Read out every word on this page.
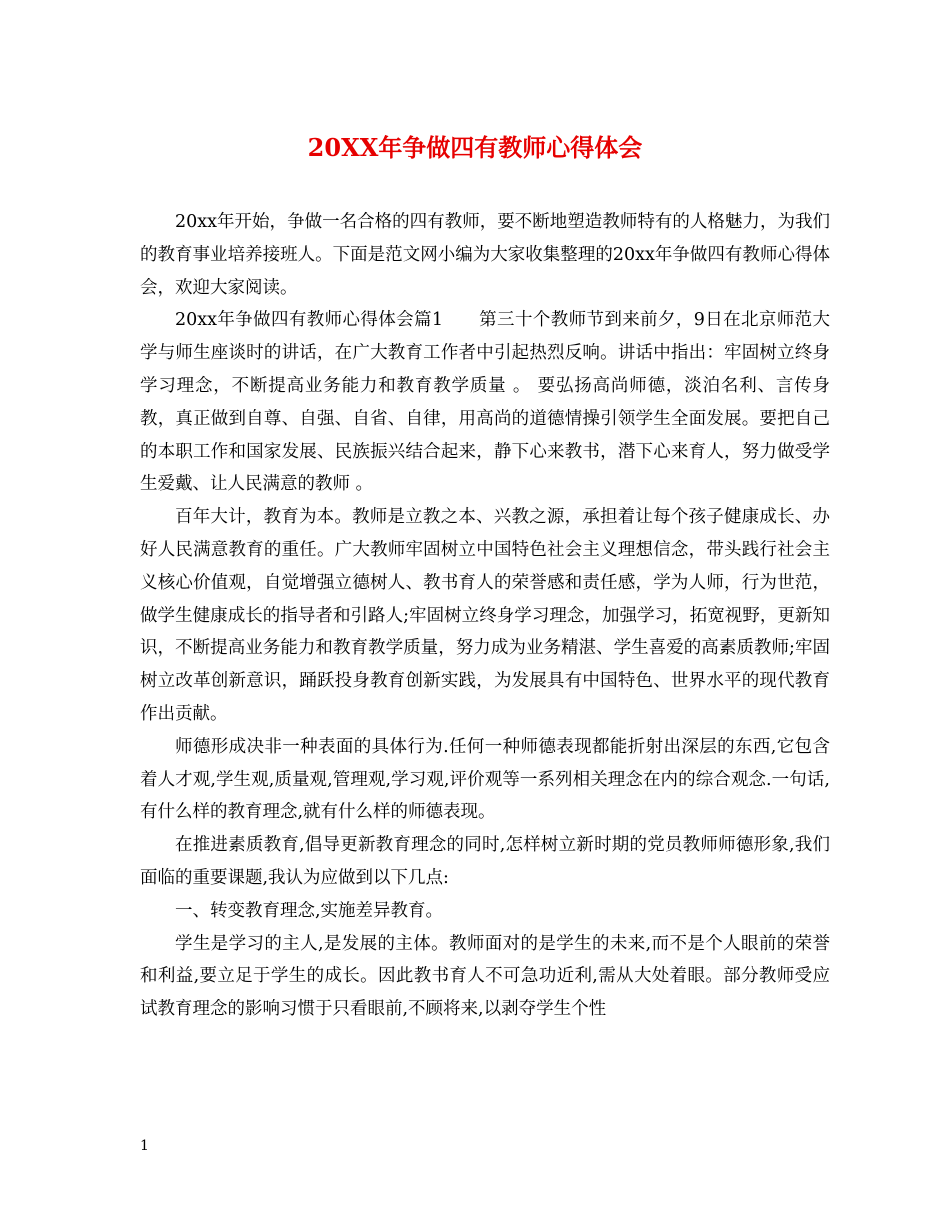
20XX年争做四有教师心得体会

20xx年开始，争做一名合格的四有教师，要不断地塑造教师特有的人格魅力，为我们的教育事业培养接班人。下面是范文网小编为大家收集整理的20xx年争做四有教师心得体会，欢迎大家阅读。

20xx年争做四有教师心得体会篇1　　第三十个教师节到来前夕，9日在北京师范大学与师生座谈时的讲话，在广大教育工作者中引起热烈反响。讲话中指出：牢固树立终身学习理念，不断提高业务能力和教育教学质量 。 要弘扬高尚师德，淡泊名利、言传身教，真正做到自尊、自强、自省、自律，用高尚的道德情操引领学生全面发展。要把自己的本职工作和国家发展、民族振兴结合起来，静下心来教书，潜下心来育人，努力做受学生爱戴、让人民满意的教师 。

百年大计，教育为本。教师是立教之本、兴教之源，承担着让每个孩子健康成长、办好人民满意教育的重任。广大教师牢固树立中国特色社会主义理想信念，带头践行社会主义核心价值观，自觉增强立德树人、教书育人的荣誉感和责任感，学为人师，行为世范，做学生健康成长的指导者和引路人;牢固树立终身学习理念，加强学习，拓宽视野，更新知识，不断提高业务能力和教育教学质量，努力成为业务精湛、学生喜爱的高素质教师;牢固树立改革创新意识，踊跃投身教育创新实践，为发展具有中国特色、世界水平的现代教育作出贡献。

师德形成决非一种表面的具体行为.任何一种师德表现都能折射出深层的东西,它包含着人才观,学生观,质量观,管理观,学习观,评价观等一系列相关理念在内的综合观念.一句话,有什么样的教育理念,就有什么样的师德表现。

在推进素质教育,倡导更新教育理念的同时,怎样树立新时期的党员教师师德形象,我们面临的重要课题,我认为应做到以下几点:

一、转变教育理念,实施差异教育。

学生是学习的主人,是发展的主体。教师面对的是学生的未来,而不是个人眼前的荣誉和利益,要立足于学生的成长。因此教书育人不可急功近利,需从大处着眼。部分教师受应试教育理念的影响习惯于只看眼前,不顾将来,以剥夺学生个性

1
